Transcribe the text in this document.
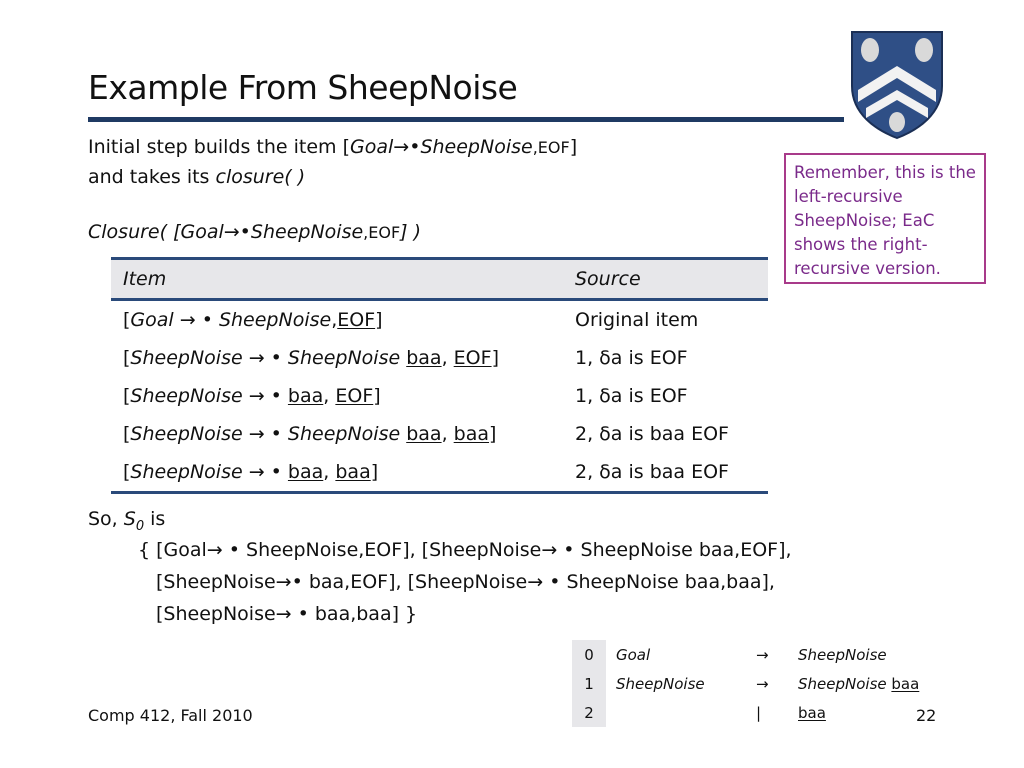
Example From SheepNoise
Initial step builds the item [Goal→•SheepNoise,EOF]
and takes its closure( )
Closure( [Goal→•SheepNoise,EOF] )
Remember, this is the left-recursive SheepNoise; EaC shows the right-recursive version.
Item	Source
[Goal → • SheepNoise,EOF]	Original item
[SheepNoise → • SheepNoise baa, EOF]	1, δa is EOF
[SheepNoise → • baa, EOF]	1, δa is EOF
[SheepNoise → • SheepNoise baa, baa]	2, δa is baa EOF
[SheepNoise → • baa, baa]	2, δa is baa EOF
So, $S_0$ is
{ [Goal→ • SheepNoise,EOF], [SheepNoise→ • SheepNoise baa,EOF],
[SheepNoise→• baa,EOF], [SheepNoise→ • SheepNoise baa,baa],
[SheepNoise→ • baa,baa] }
0	Goal	→	SheepNoise
1	SheepNoise	→	SheepNoise baa
2		|	baa
Comp 412, Fall 2010	22
